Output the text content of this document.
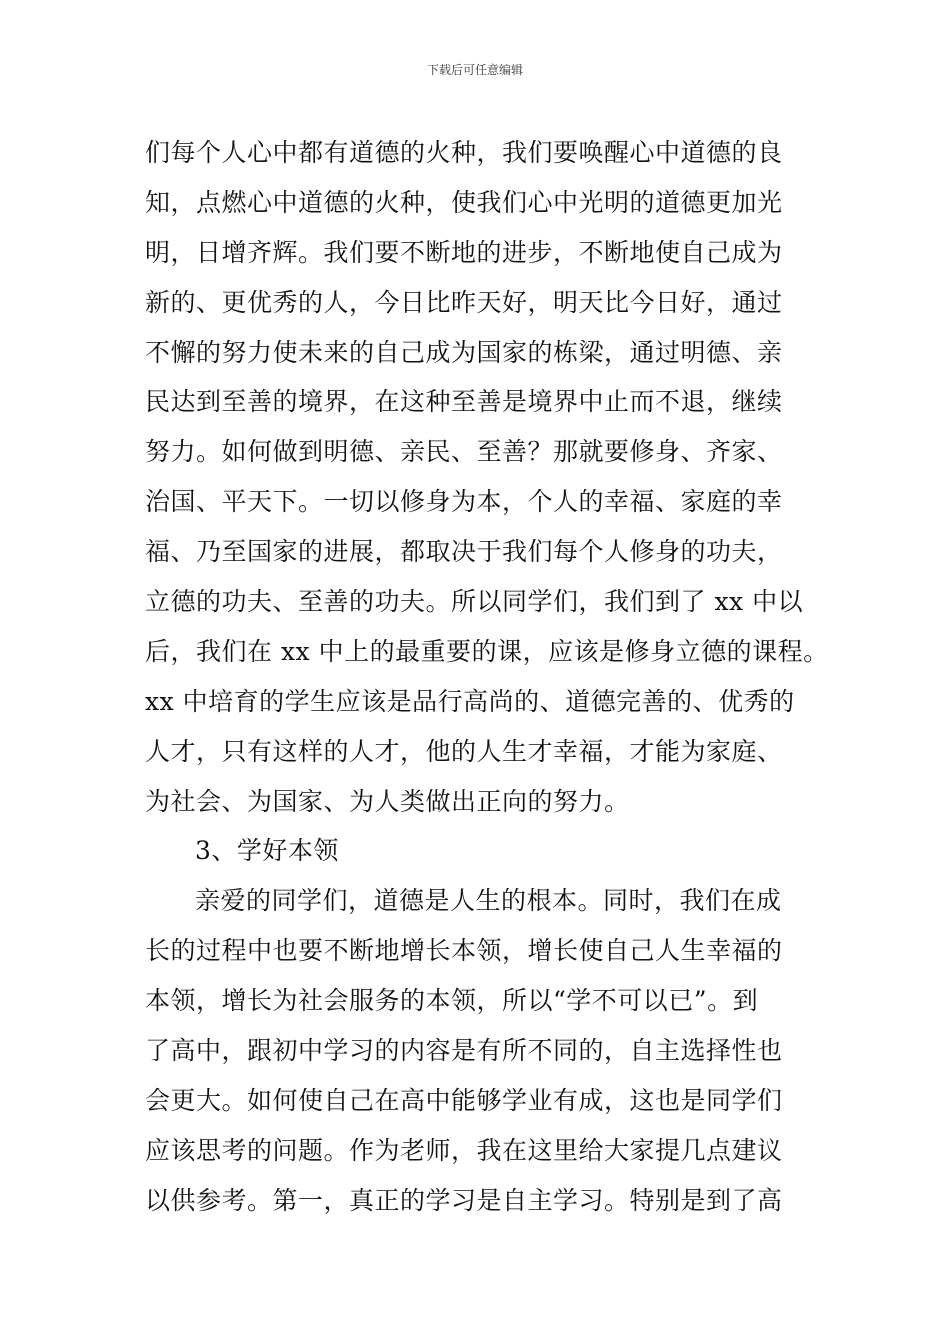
下载后可任意编辑
们每个人心中都有道德的火种，我们要唤醒心中道德的良
知，点燃心中道德的火种，使我们心中光明的道德更加光
明，日增齐辉。我们要不断地的进步，不断地使自己成为
新的、更优秀的人，今日比昨天好，明天比今日好，通过
不懈的努力使未来的自己成为国家的栋梁，通过明德、亲
民达到至善的境界，在这种至善是境界中止而不退，继续
努力。如何做到明德、亲民、至善？那就要修身、齐家、
治国、平天下。一切以修身为本，个人的幸福、家庭的幸
福、乃至国家的进展，都取决于我们每个人修身的功夫，
立德的功夫、至善的功夫。所以同学们，我们到了 xx 中以
后，我们在 xx 中上的最重要的课，应该是修身立德的课程。
xx 中培育的学生应该是品行高尚的、道德完善的、优秀的
人才，只有这样的人才，他的人生才幸福，才能为家庭、
为社会、为国家、为人类做出正向的努力。
3、学好本领
亲爱的同学们，道德是人生的根本。同时，我们在成
长的过程中也要不断地增长本领，增长使自己人生幸福的
本领，增长为社会服务的本领，所以“学不可以已”。到
了高中，跟初中学习的内容是有所不同的，自主选择性也
会更大。如何使自己在高中能够学业有成，这也是同学们
应该思考的问题。作为老师，我在这里给大家提几点建议
以供参考。第一，真正的学习是自主学习。特别是到了高
